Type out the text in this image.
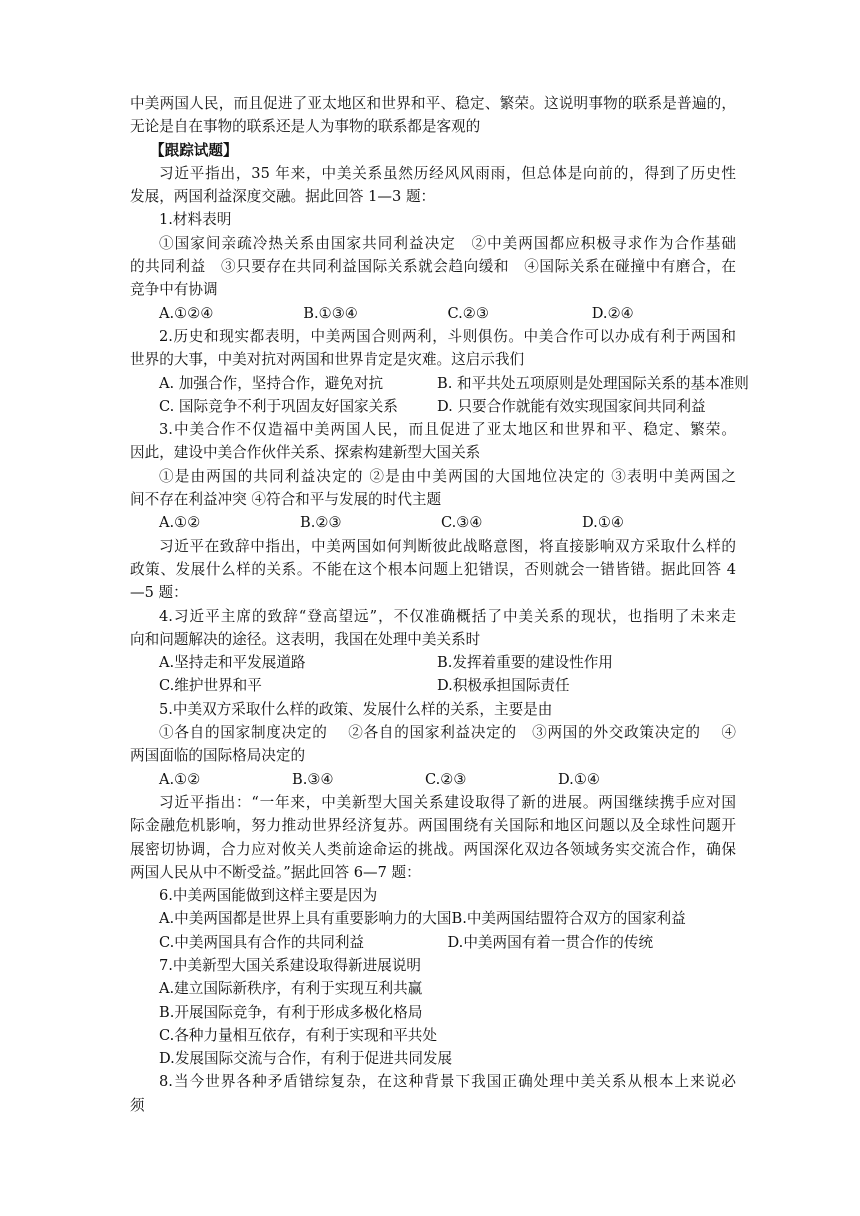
中美两国人民，而且促进了亚太地区和世界和平、稳定、繁荣。这说明事物的联系是普遍的，
无论是自在事物的联系还是人为事物的联系都是客观的
【跟踪试题】
习近平指出，35 年来，中美关系虽然历经风风雨雨，但总体是向前的，得到了历史性
发展，两国利益深度交融。据此回答 1—3 题：
1.材料表明
①国家间亲疏冷热关系由国家共同利益决定　②中美两国都应积极寻求作为合作基础
的共同利益　③只要存在共同利益国际关系就会趋向缓和　④国际关系在碰撞中有磨合，在
竞争中有协调
A.①②④	B.①③④	C.②③	D.②④
2.历史和现实都表明，中美两国合则两利，斗则俱伤。中美合作可以办成有利于两国和
世界的大事，中美对抗对两国和世界肯定是灾难。这启示我们
A. 加强合作，坚持合作，避免对抗	B. 和平共处五项原则是处理国际关系的基本准则
C. 国际竞争不利于巩固友好国家关系	D. 只要合作就能有效实现国家间共同利益
3.中美合作不仅造福中美两国人民，而且促进了亚太地区和世界和平、稳定、繁荣。
因此，建设中美合作伙伴关系、探索构建新型大国关系
①是由两国的共同利益决定的 ②是由中美两国的大国地位决定的 ③表明中美两国之
间不存在利益冲突 ④符合和平与发展的时代主题
A.①②	B.②③	C.③④	D.①④
习近平在致辞中指出，中美两国如何判断彼此战略意图，将直接影响双方采取什么样的
政策、发展什么样的关系。不能在这个根本问题上犯错误，否则就会一错皆错。据此回答 4
—5 题：
4.习近平主席的致辞“登高望远”，不仅准确概括了中美关系的现状，也指明了未来走
向和问题解决的途径。这表明，我国在处理中美关系时
A.坚持走和平发展道路	B.发挥着重要的建设性作用
C.维护世界和平	D.积极承担国际责任
5.中美双方采取什么样的政策、发展什么样的关系，主要是由
①各自的国家制度决定的　 ②各自的国家利益决定的　③两国的外交政策决定的　 ④
两国面临的国际格局决定的
A.①②	B.③④	C.②③	D.①④
习近平指出：“一年来，中美新型大国关系建设取得了新的进展。两国继续携手应对国
际金融危机影响，努力推动世界经济复苏。两国围绕有关国际和地区问题以及全球性问题开
展密切协调，合力应对攸关人类前途命运的挑战。两国深化双边各领域务实交流合作，确保
两国人民从中不断受益。”据此回答 6—7 题：
6.中美两国能做到这样主要是因为
A.中美两国都是世界上具有重要影响力的大国 B.中美两国结盟符合双方的国家利益
C.中美两国具有合作的共同利益	D.中美两国有着一贯合作的传统
7.中美新型大国关系建设取得新进展说明
A.建立国际新秩序，有利于实现互利共赢
B.开展国际竞争，有利于形成多极化格局
C.各种力量相互依存，有利于实现和平共处
D.发展国际交流与合作，有利于促进共同发展
8.当今世界各种矛盾错综复杂，在这种背景下我国正确处理中美关系从根本上来说必
须
